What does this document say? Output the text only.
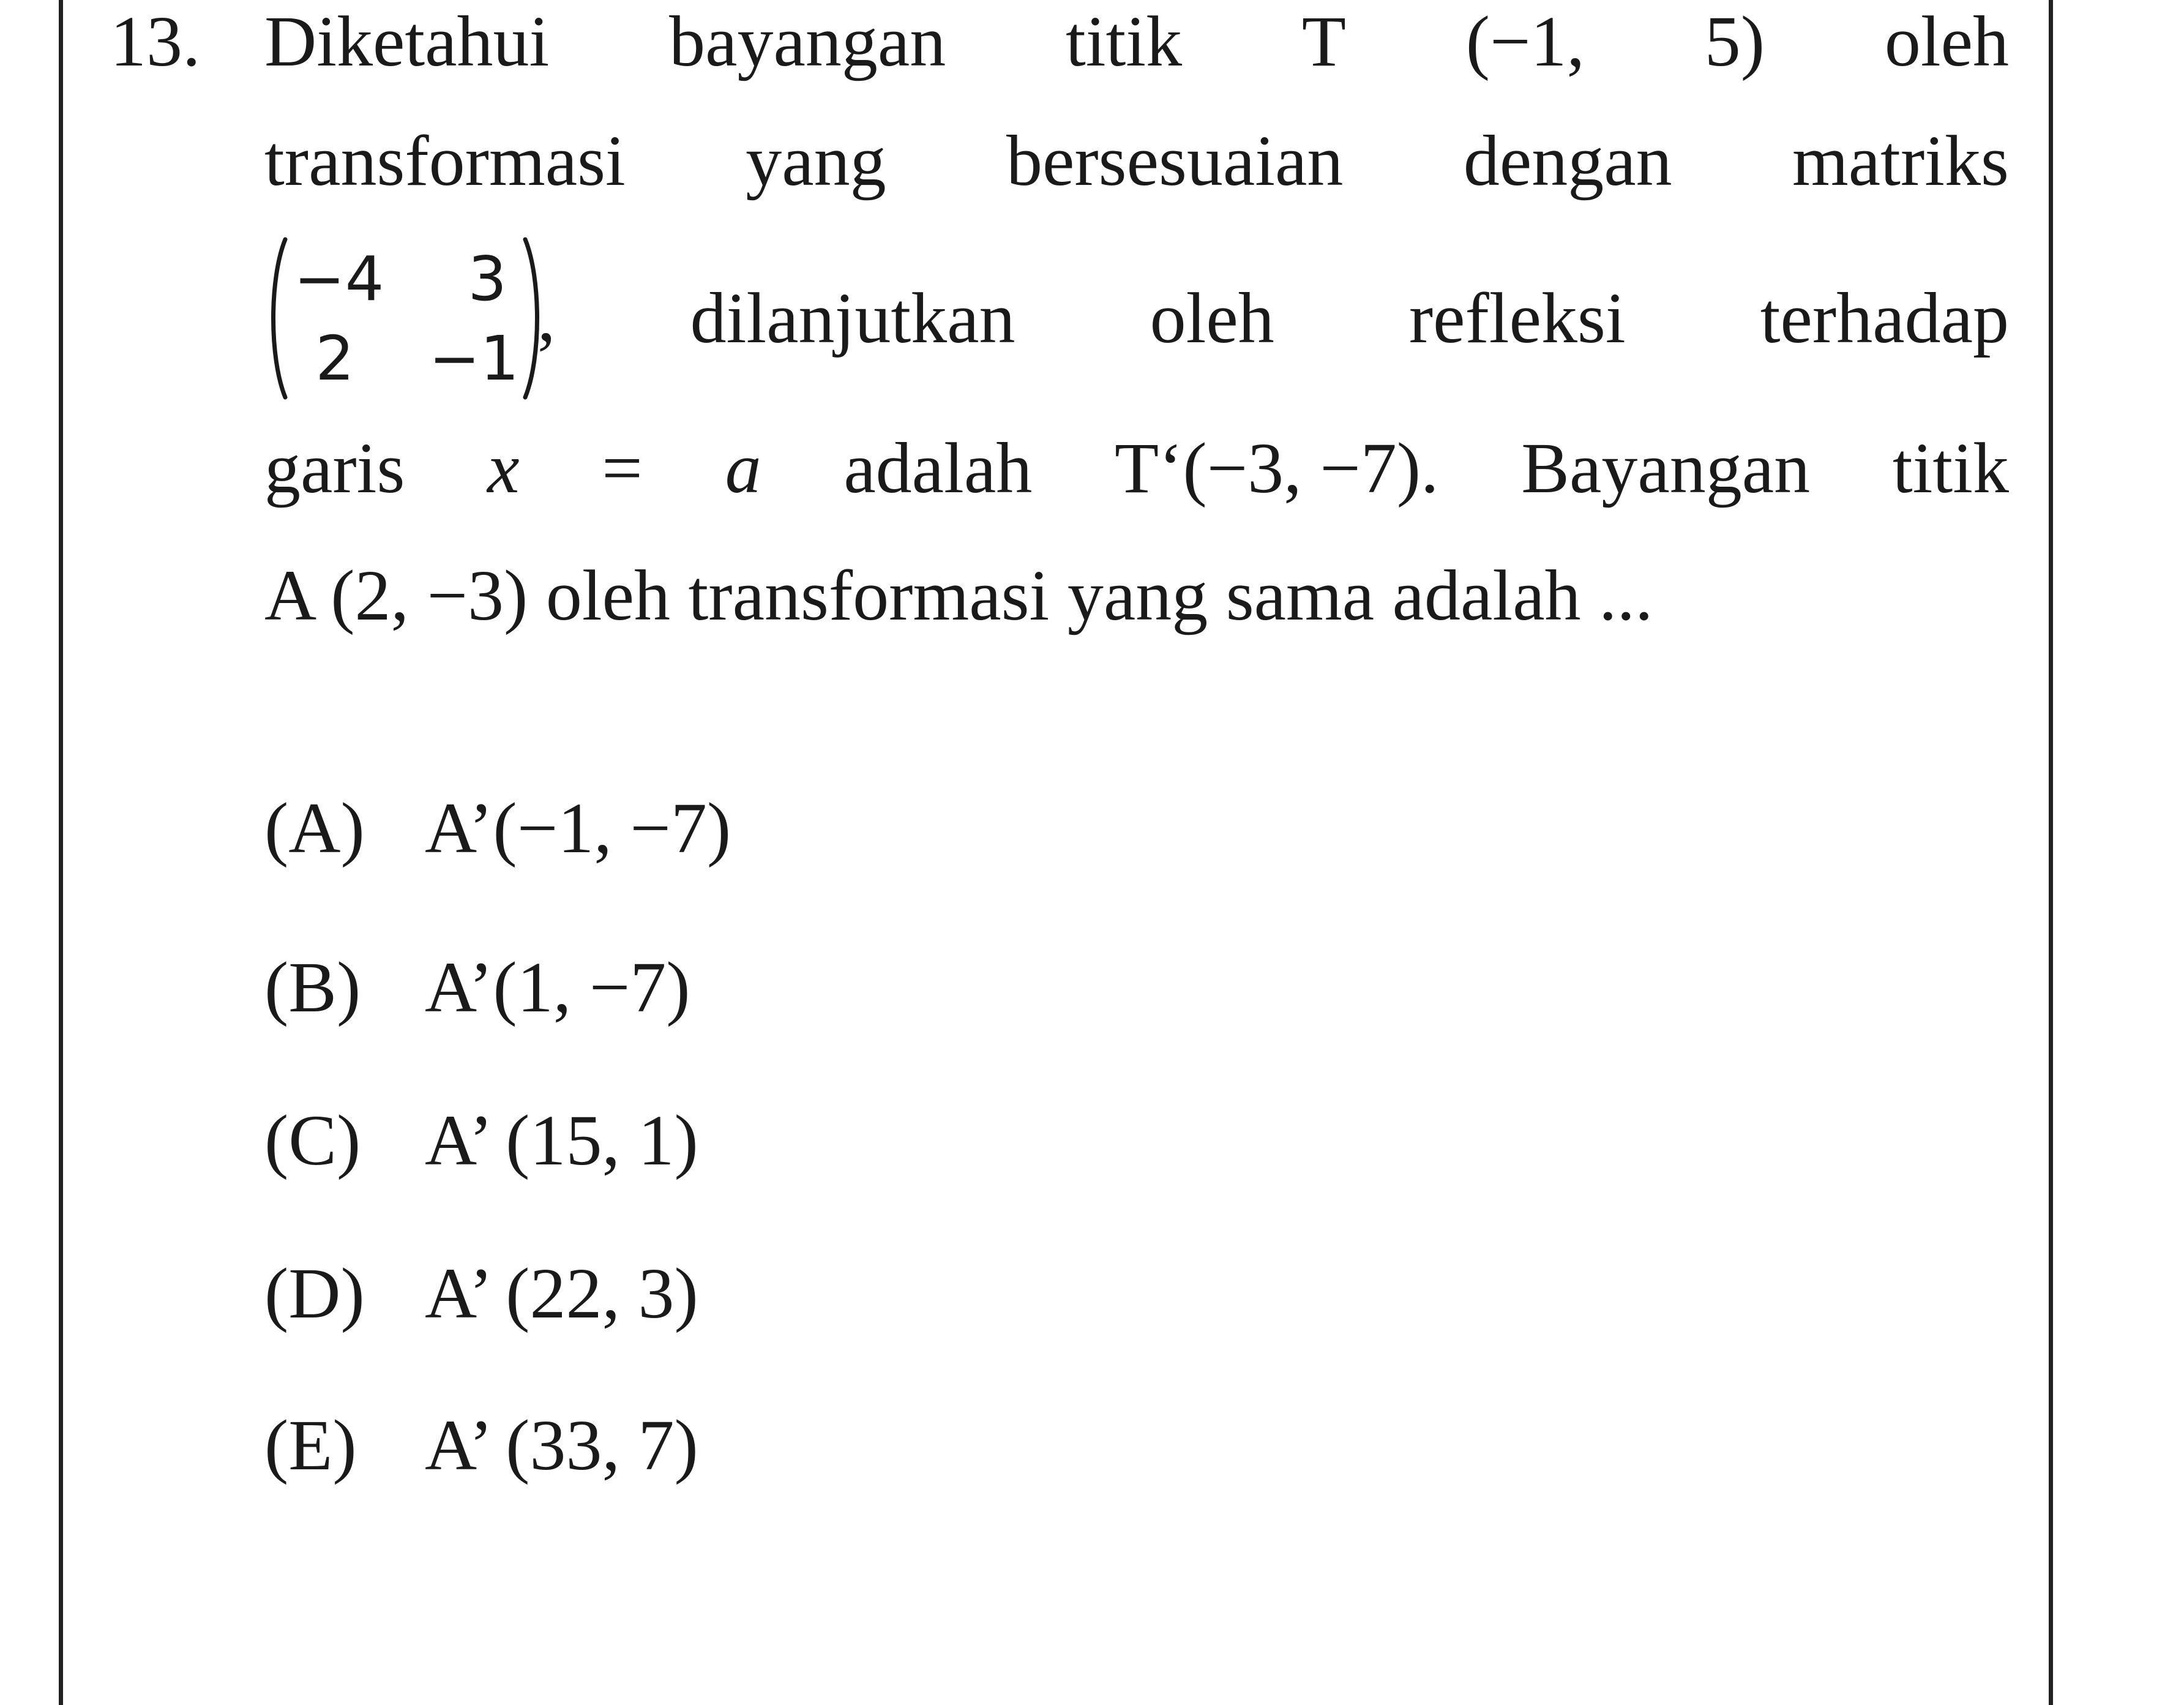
13. Diketahui bayangan titik T (−1, 5) oleh
transformasi yang bersesuaian dengan matriks
−4	3
2	−1
, dilanjutkan oleh refleksi terhadap
garis x = a adalah T‘(−3, −7). Bayangan titik
A (2, −3) oleh transformasi yang sama adalah ...
(A) A’(−1, −7)
(B) A’(1, −7)
(C) A’ (15, 1)
(D) A’ (22, 3)
(E) A’ (33, 7)
